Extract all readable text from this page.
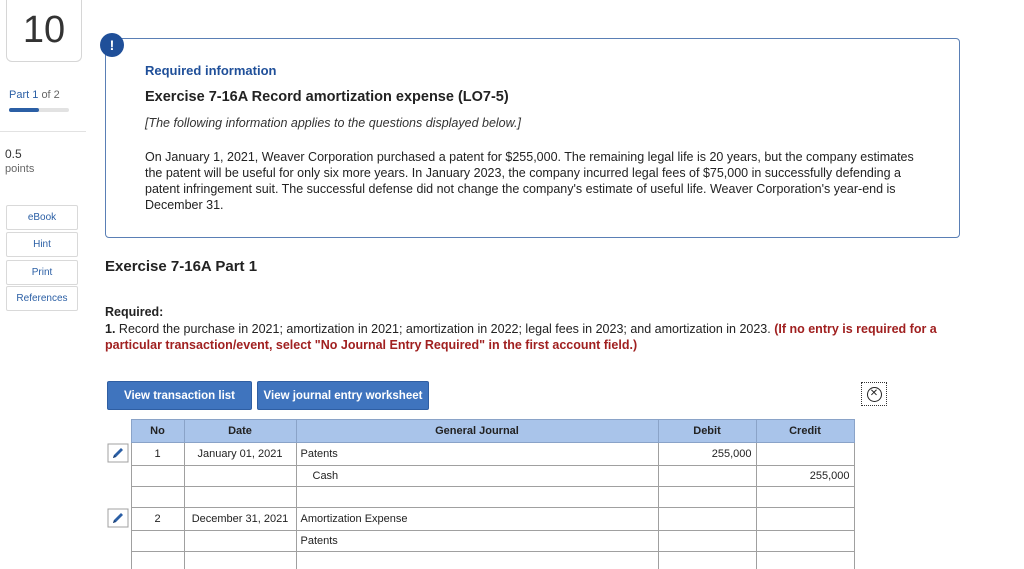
10
Part 1 of 2
0.5
points
eBook
Hint
Print
References
!
Required information
Exercise 7-16A Record amortization expense (LO7-5)
[The following information applies to the questions displayed below.]
On January 1, 2021, Weaver Corporation purchased a patent for $255,000. The remaining legal life is 20 years, but the company estimates the patent will be useful for only six more years. In January 2023, the company incurred legal fees of $75,000 in successfully defending a patent infringement suit. The successful defense did not change the company's estimate of useful life. Weaver Corporation's year-end is December 31.
Exercise 7-16A Part 1
Required:
1. Record the purchase in 2021; amortization in 2021; amortization in 2022; legal fees in 2023; and amortization in 2023. (If no entry is required for a particular transaction/event, select "No Journal Entry Required" in the first account field.)
View transaction list	View journal entry worksheet	✕
	No	Date	General Journal	Debit	Credit
	1	January 01, 2021	Patents	255,000	
			Cash		255,000

	2	December 31, 2021	Amortization Expense		
			Patents		
